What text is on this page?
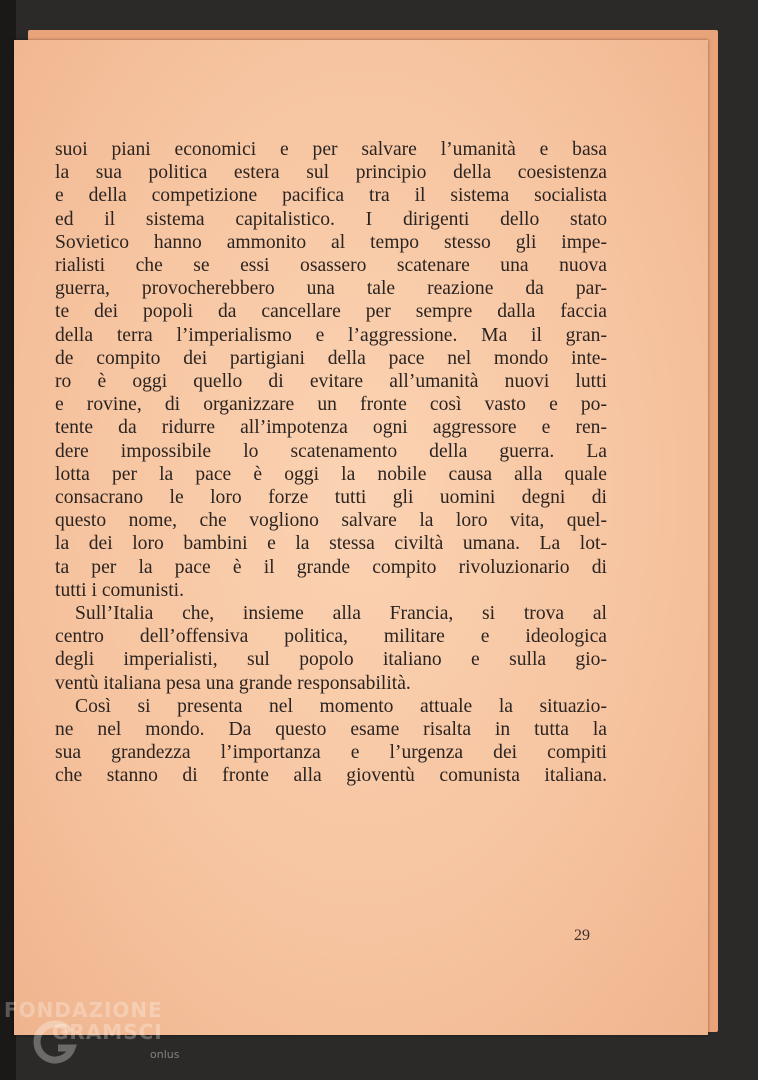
suoi piani economici e per salvare l’umanità e basa
la sua politica estera sul principio della coesistenza
e della competizione pacifica tra il sistema socialista
ed il sistema capitalistico. I dirigenti dello stato
Sovietico hanno ammonito al tempo stesso gli impe-
rialisti che se essi osassero scatenare una nuova
guerra, provocherebbero una tale reazione da par-
te dei popoli da cancellare per sempre dalla faccia
della terra l’imperialismo e l’aggressione. Ma il gran-
de compito dei partigiani della pace nel mondo inte-
ro è oggi quello di evitare all’umanità nuovi lutti
e rovine, di organizzare un fronte così vasto e po-
tente da ridurre all’impotenza ogni aggressore e ren-
dere impossibile lo scatenamento della guerra. La
lotta per la pace è oggi la nobile causa alla quale
consacrano le loro forze tutti gli uomini degni di
questo nome, che vogliono salvare la loro vita, quel-
la dei loro bambini e la stessa civiltà umana. La lot-
ta per la pace è il grande compito rivoluzionario di
tutti i comunisti.
Sull’Italia che, insieme alla Francia, si trova al
centro dell’offensiva politica, militare e ideologica
degli imperialisti, sul popolo italiano e sulla gio-
ventù italiana pesa una grande responsabilità.
Così si presenta nel momento attuale la situazio-
ne nel mondo. Da questo esame risalta in tutta la
sua grandezza l’importanza e l’urgenza dei compiti
che stanno di fronte alla gioventù comunista italiana.
29
FONDAZIONE
GRAMSCI
onlus
